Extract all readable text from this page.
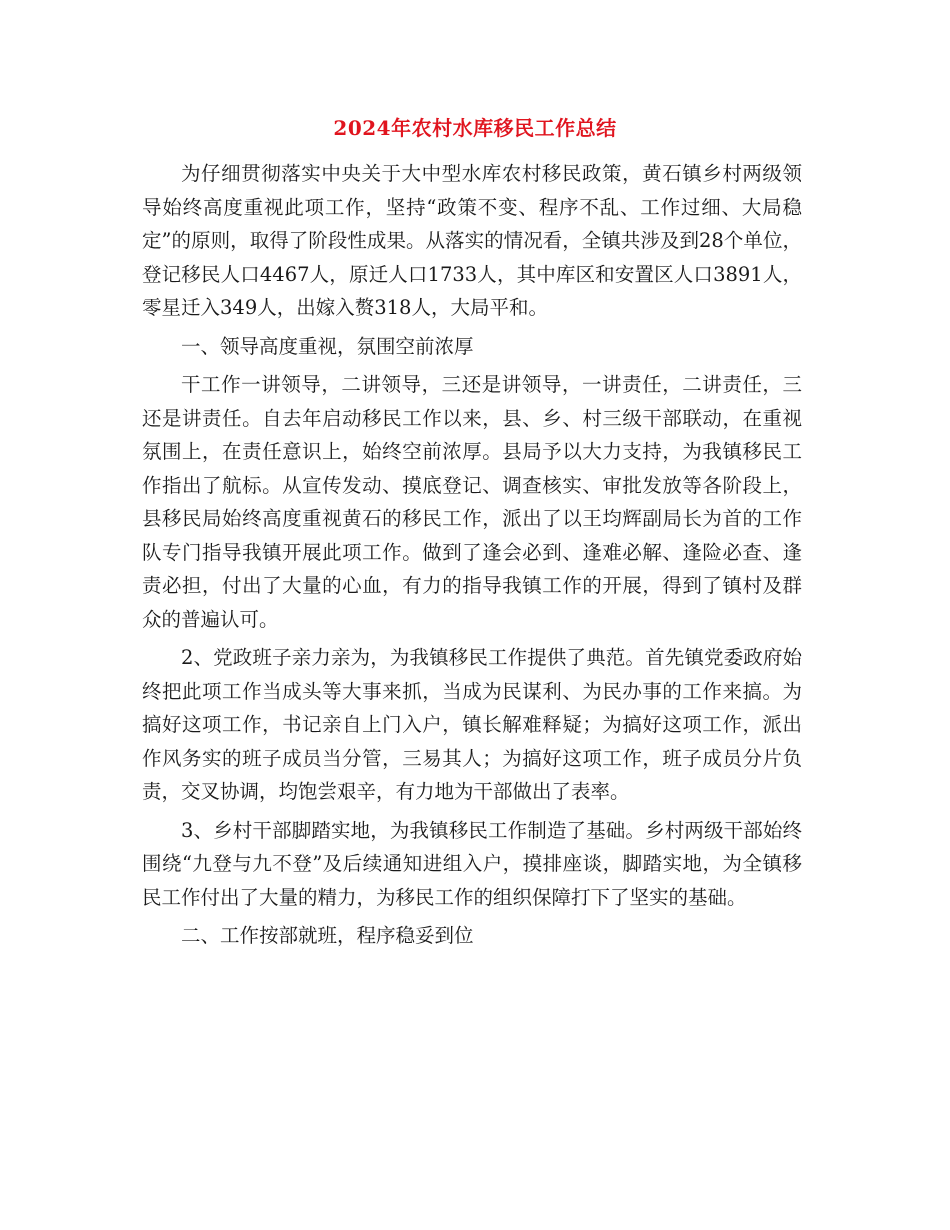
2024年农村水库移民工作总结

为仔细贯彻落实中央关于大中型水库农村移民政策，黄石镇乡村两级领导始终高度重视此项工作，坚持“政策不变、程序不乱、工作过细、大局稳定”的原则，取得了阶段性成果。从落实的情况看，全镇共涉及到28个单位，登记移民人口4467人，原迁人口1733人，其中库区和安置区人口3891人，零星迁入349人，出嫁入赘318人，大局平和。

一、领导高度重视，氛围空前浓厚

干工作一讲领导，二讲领导，三还是讲领导，一讲责任，二讲责任，三还是讲责任。自去年启动移民工作以来，县、乡、村三级干部联动，在重视氛围上，在责任意识上，始终空前浓厚。县局予以大力支持，为我镇移民工作指出了航标。从宣传发动、摸底登记、调查核实、审批发放等各阶段上，县移民局始终高度重视黄石的移民工作，派出了以王均辉副局长为首的工作队专门指导我镇开展此项工作。做到了逢会必到、逢难必解、逢险必查、逢责必担，付出了大量的心血，有力的指导我镇工作的开展，得到了镇村及群众的普遍认可。

2、党政班子亲力亲为，为我镇移民工作提供了典范。首先镇党委政府始终把此项工作当成头等大事来抓，当成为民谋利、为民办事的工作来搞。为搞好这项工作，书记亲自上门入户，镇长解难释疑；为搞好这项工作，派出作风务实的班子成员当分管，三易其人；为搞好这项工作，班子成员分片负责，交叉协调，均饱尝艰辛，有力地为干部做出了表率。

3、乡村干部脚踏实地，为我镇移民工作制造了基础。乡村两级干部始终围绕“九登与九不登”及后续通知进组入户，摸排座谈，脚踏实地，为全镇移民工作付出了大量的精力，为移民工作的组织保障打下了坚实的基础。

二、工作按部就班，程序稳妥到位
